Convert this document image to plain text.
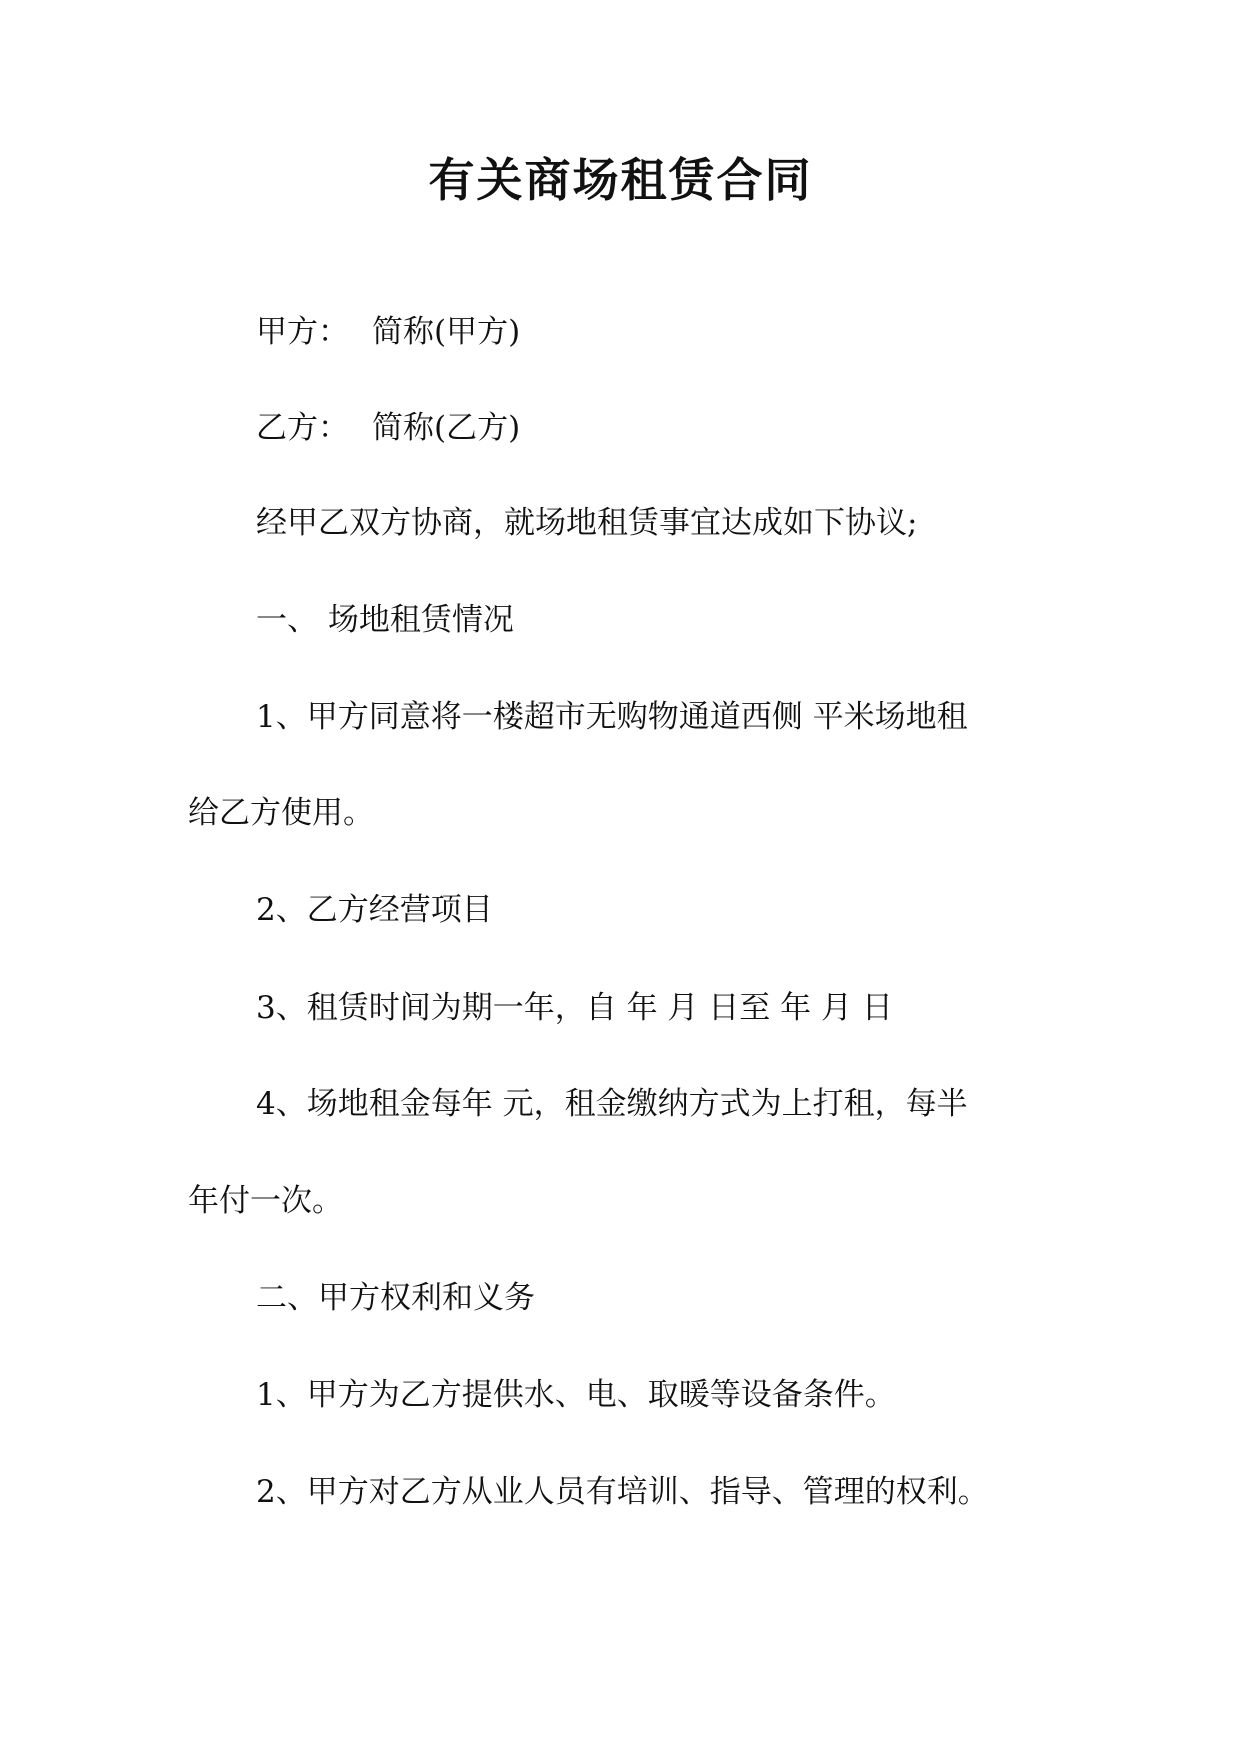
有关商场租赁合同

甲方： 简称(甲方)

乙方： 简称(乙方)

经甲乙双方协商，就场地租赁事宜达成如下协议;

一、 场地租赁情况

1、甲方同意将一楼超市无购物通道西侧 平米场地租

给乙方使用。

2、乙方经营项目

3、租赁时间为期一年，自 年 月 日至 年 月 日

4、场地租金每年 元，租金缴纳方式为上打租，每半

年付一次。

二、甲方权利和义务

1、甲方为乙方提供水、电、取暖等设备条件。

2、甲方对乙方从业人员有培训、指导、管理的权利。
